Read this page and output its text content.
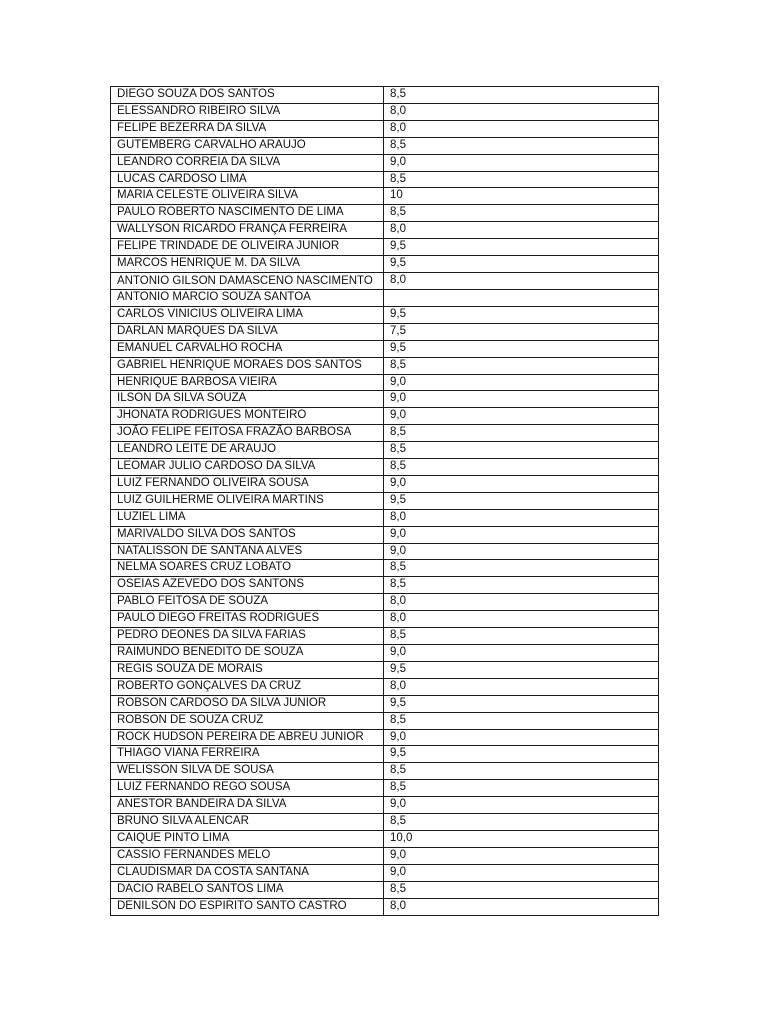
DIEGO SOUZA DOS SANTOS	8,5
ELESSANDRO RIBEIRO SILVA	8,0
FELIPE BEZERRA DA SILVA	8,0
GUTEMBERG CARVALHO ARAUJO	8,5
LEANDRO CORREIA DA SILVA	9,0
LUCAS CARDOSO LIMA	8,5
MARIA CELESTE OLIVEIRA SILVA	10
PAULO ROBERTO NASCIMENTO DE LIMA	8,5
WALLYSON RICARDO FRANÇA FERREIRA	8,0
FELIPE TRINDADE DE OLIVEIRA JUNIOR	9,5
MARCOS HENRIQUE M. DA SILVA	9,5
ANTONIO GILSON DAMASCENO NASCIMENTO	8,0
ANTONIO MARCIO SOUZA SANTOA	
CARLOS VINICIUS OLIVEIRA LIMA	9,5
DARLAN MARQUES DA SILVA	7,5
EMANUEL CARVALHO ROCHA	9,5
GABRIEL HENRIQUE MORAES DOS SANTOS	8,5
HENRIQUE BARBOSA VIEIRA	9,0
ILSON DA SILVA SOUZA	9,0
JHONATA RODRIGUES MONTEIRO	9,0
JOÃO FELIPE FEITOSA FRAZÃO BARBOSA	8,5
LEANDRO LEITE DE ARAUJO	8,5
LEOMAR JULIO CARDOSO DA SILVA	8,5
LUIZ FERNANDO OLIVEIRA SOUSA	9,0
LUIZ GUILHERME OLIVEIRA MARTINS	9,5
LUZIEL LIMA	8,0
MARIVALDO SILVA DOS SANTOS	9,0
NATALISSON DE SANTANA ALVES	9,0
NELMA SOARES CRUZ LOBATO	8,5
OSEIAS AZEVEDO DOS SANTONS	8,5
PABLO FEITOSA DE SOUZA	8,0
PAULO DIEGO FREITAS RODRIGUES	8,0
PEDRO DEONES DA SILVA FARIAS	8,5
RAIMUNDO BENEDITO DE SOUZA	9,0
REGIS SOUZA DE MORAIS	9,5
ROBERTO GONÇALVES DA CRUZ	8,0
ROBSON CARDOSO DA SILVA JUNIOR	9,5
ROBSON DE SOUZA CRUZ	8,5
ROCK HUDSON PEREIRA DE ABREU JUNIOR	9,0
THIAGO VIANA FERREIRA	9,5
WELISSON SILVA DE SOUSA	8,5
LUIZ FERNANDO REGO SOUSA	8,5
ANESTOR BANDEIRA DA SILVA	9,0
BRUNO SILVA ALENCAR	8,5
CAIQUE PINTO LIMA	10,0
CASSIO FERNANDES MELO	9,0
CLAUDISMAR DA COSTA SANTANA	9,0
DACIO RABELO SANTOS LIMA	8,5
DENILSON DO ESPIRITO SANTO CASTRO	8,0
